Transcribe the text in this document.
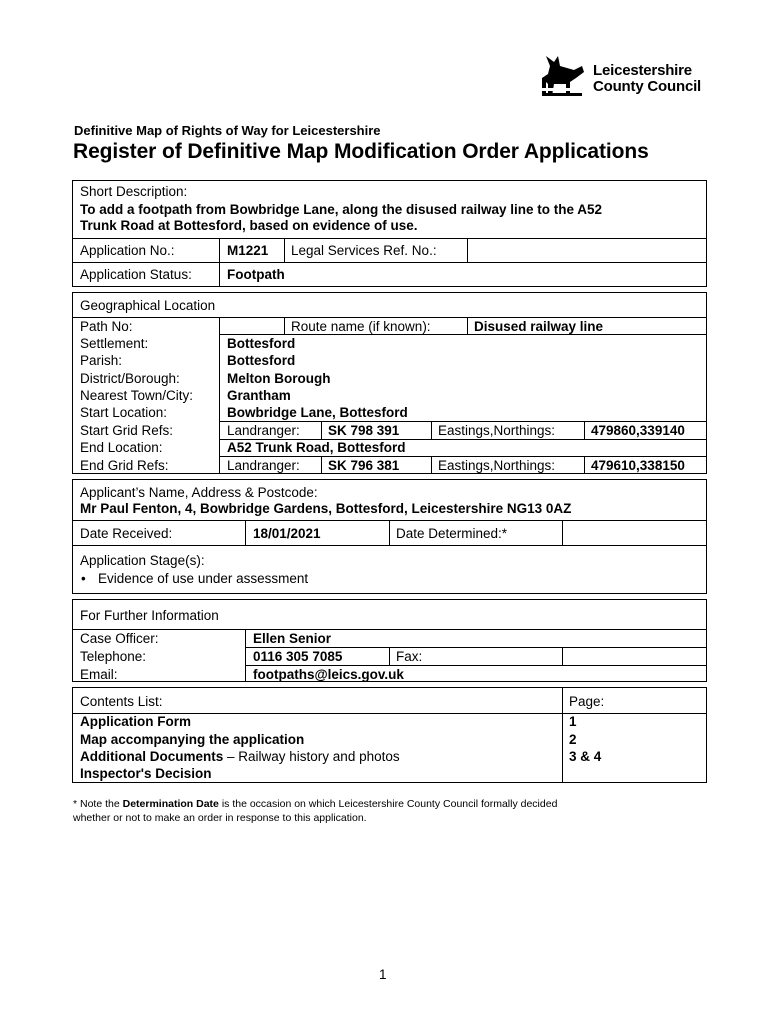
Leicestershire
County Council
Definitive Map of Rights of Way for Leicestershire
Register of Definitive Map Modification Order Applications
Short Description:
To add a footpath from Bowbridge Lane, along the disused railway line to the A52
Trunk Road at Bottesford, based on evidence of use.
Application No.:	M1221 Legal Services Ref. No.:
Application Status:	Footpath
Geographical Location
Path No:	Route name (if known):	Disused railway line
Settlement:	Bottesford
Parish:	Bottesford
District/Borough:	Melton Borough
Nearest Town/City:	Grantham
Start Location:	Bowbridge Lane, Bottesford
Start Grid Refs:	Landranger: SK 798 391	Eastings,Northings:	479860,339140
End Location:	A52 Trunk Road, Bottesford
End Grid Refs:	Landranger: SK 796 381	Eastings,Northings:	479610,338150
Applicant’s Name, Address & Postcode:
Mr Paul Fenton, 4, Bowbridge Gardens, Bottesford, Leicestershire NG13 0AZ
Date Received:	18/01/2021	Date Determined:*
Application Stage(s):
• Evidence of use under assessment
For Further Information
Case Officer:	Ellen Senior
Telephone:	0116 305 7085	Fax:
Email:	footpaths@leics.gov.uk
Contents List:	Page:
Application Form	1
Map accompanying the application	2
Additional Documents – Railway history and photos	3 & 4
Inspector's Decision
* Note the Determination Date is the occasion on which Leicestershire County Council formally decided
whether or not to make an order in response to this application.
1
